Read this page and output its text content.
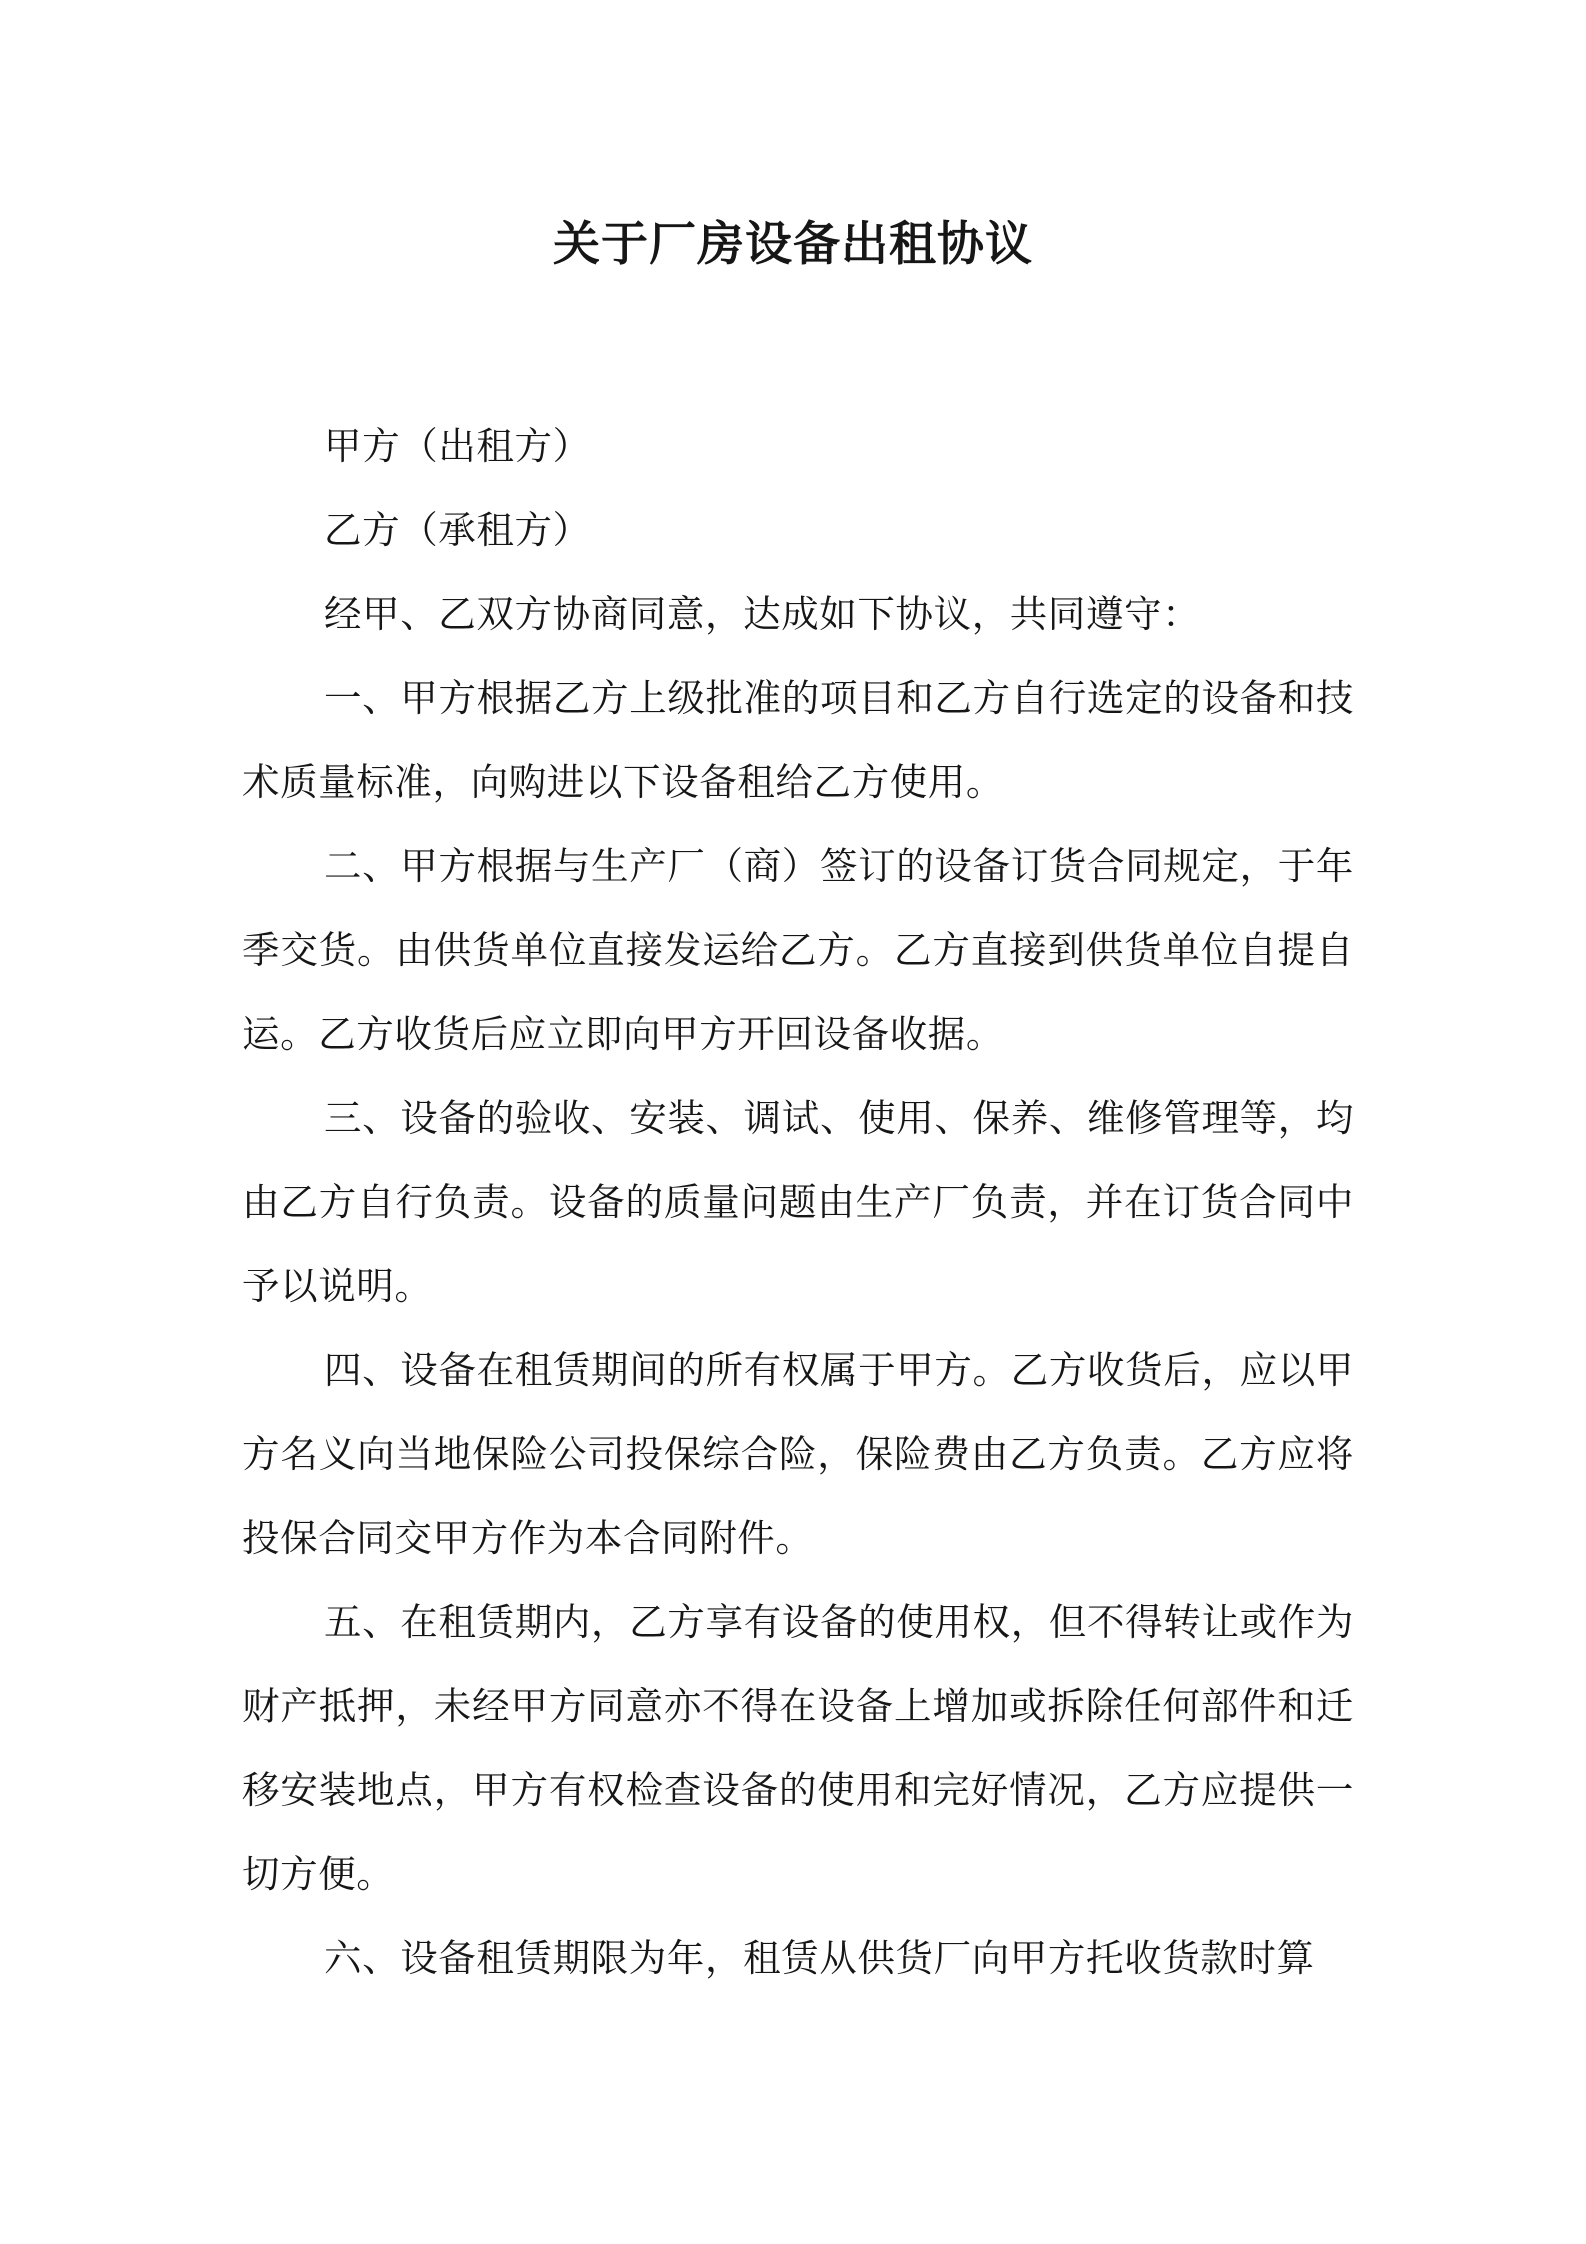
关于厂房设备出租协议

甲方（出租方）

乙方（承租方）

经甲、乙双方协商同意，达成如下协议，共同遵守：

一、甲方根据乙方上级批准的项目和乙方自行选定的设备和技术质量标准，向购进以下设备租给乙方使用。

二、甲方根据与生产厂（商）签订的设备订货合同规定，于年季交货。由供货单位直接发运给乙方。乙方直接到供货单位自提自运。乙方收货后应立即向甲方开回设备收据。

三、设备的验收、安装、调试、使用、保养、维修管理等，均由乙方自行负责。设备的质量问题由生产厂负责，并在订货合同中予以说明。

四、设备在租赁期间的所有权属于甲方。乙方收货后，应以甲方名义向当地保险公司投保综合险，保险费由乙方负责。乙方应将投保合同交甲方作为本合同附件。

五、在租赁期内，乙方享有设备的使用权，但不得转让或作为财产抵押，未经甲方同意亦不得在设备上增加或拆除任何部件和迁移安装地点，甲方有权检查设备的使用和完好情况，乙方应提供一切方便。

六、设备租赁期限为年，租赁从供货厂向甲方托收货款时算
